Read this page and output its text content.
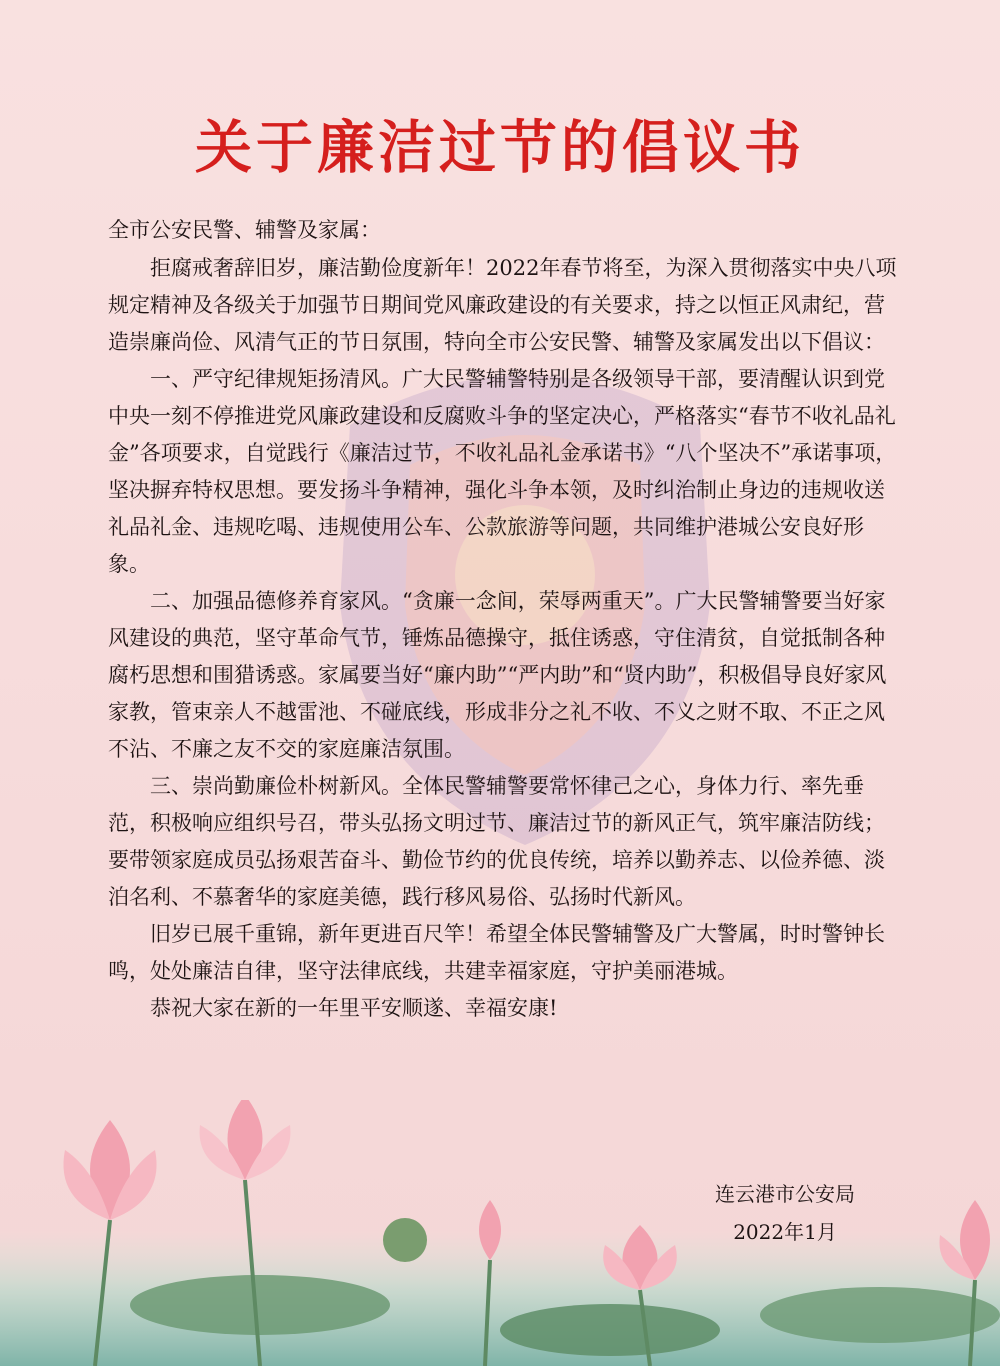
关于廉洁过节的倡议书

全市公安民警、辅警及家属：

拒腐戒奢辞旧岁，廉洁勤俭度新年！2022年春节将至，为深入贯彻落实中央八项规定精神及各级关于加强节日期间党风廉政建设的有关要求，持之以恒正风肃纪，营造崇廉尚俭、风清气正的节日氛围，特向全市公安民警、辅警及家属发出以下倡议：

一、严守纪律规矩扬清风。广大民警辅警特别是各级领导干部，要清醒认识到党中央一刻不停推进党风廉政建设和反腐败斗争的坚定决心，严格落实“春节不收礼品礼金”各项要求，自觉践行《廉洁过节，不收礼品礼金承诺书》“八个坚决不”承诺事项，坚决摒弃特权思想。要发扬斗争精神，强化斗争本领，及时纠治制止身边的违规收送礼品礼金、违规吃喝、违规使用公车、公款旅游等问题，共同维护港城公安良好形象。

二、加强品德修养育家风。“贪廉一念间，荣辱两重天”。广大民警辅警要当好家风建设的典范，坚守革命气节，锤炼品德操守，抵住诱惑，守住清贫，自觉抵制各种腐朽思想和围猎诱惑。家属要当好“廉内助”“严内助”和“贤内助”，积极倡导良好家风家教，管束亲人不越雷池、不碰底线，形成非分之礼不收、不义之财不取、不正之风不沾、不廉之友不交的家庭廉洁氛围。

三、崇尚勤廉俭朴树新风。全体民警辅警要常怀律己之心，身体力行、率先垂范，积极响应组织号召，带头弘扬文明过节、廉洁过节的新风正气，筑牢廉洁防线；要带领家庭成员弘扬艰苦奋斗、勤俭节约的优良传统，培养以勤养志、以俭养德、淡泊名利、不慕奢华的家庭美德，践行移风易俗、弘扬时代新风。

旧岁已展千重锦，新年更进百尺竿！希望全体民警辅警及广大警属，时时警钟长鸣，处处廉洁自律，坚守法律底线，共建幸福家庭，守护美丽港城。

恭祝大家在新的一年里平安顺遂、幸福安康!

连云港市公安局
2022年1月
